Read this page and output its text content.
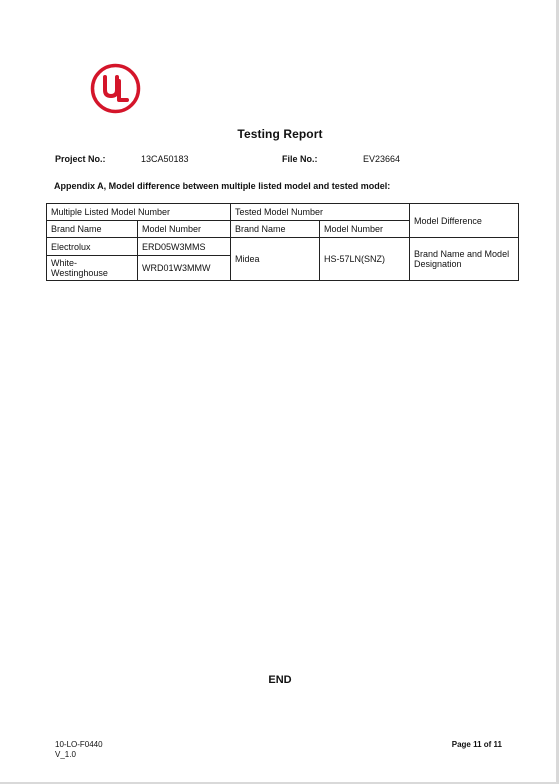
Testing Report
Project No.:	13CA50183	File No.:	EV23664
Appendix A, Model difference between multiple listed model and tested model:
Multiple Listed Model Number		Tested Model Number		Model Difference
Brand Name	Model Number	Brand Name	Model Number	
Electrolux	ERD05W3MMS	Midea	HS-57LN(SNZ)	Brand Name and Model Designation
White-Westinghouse	WRD01W3MMW			
END
10-LO-F0440
V_1.0
Page 11 of 11
